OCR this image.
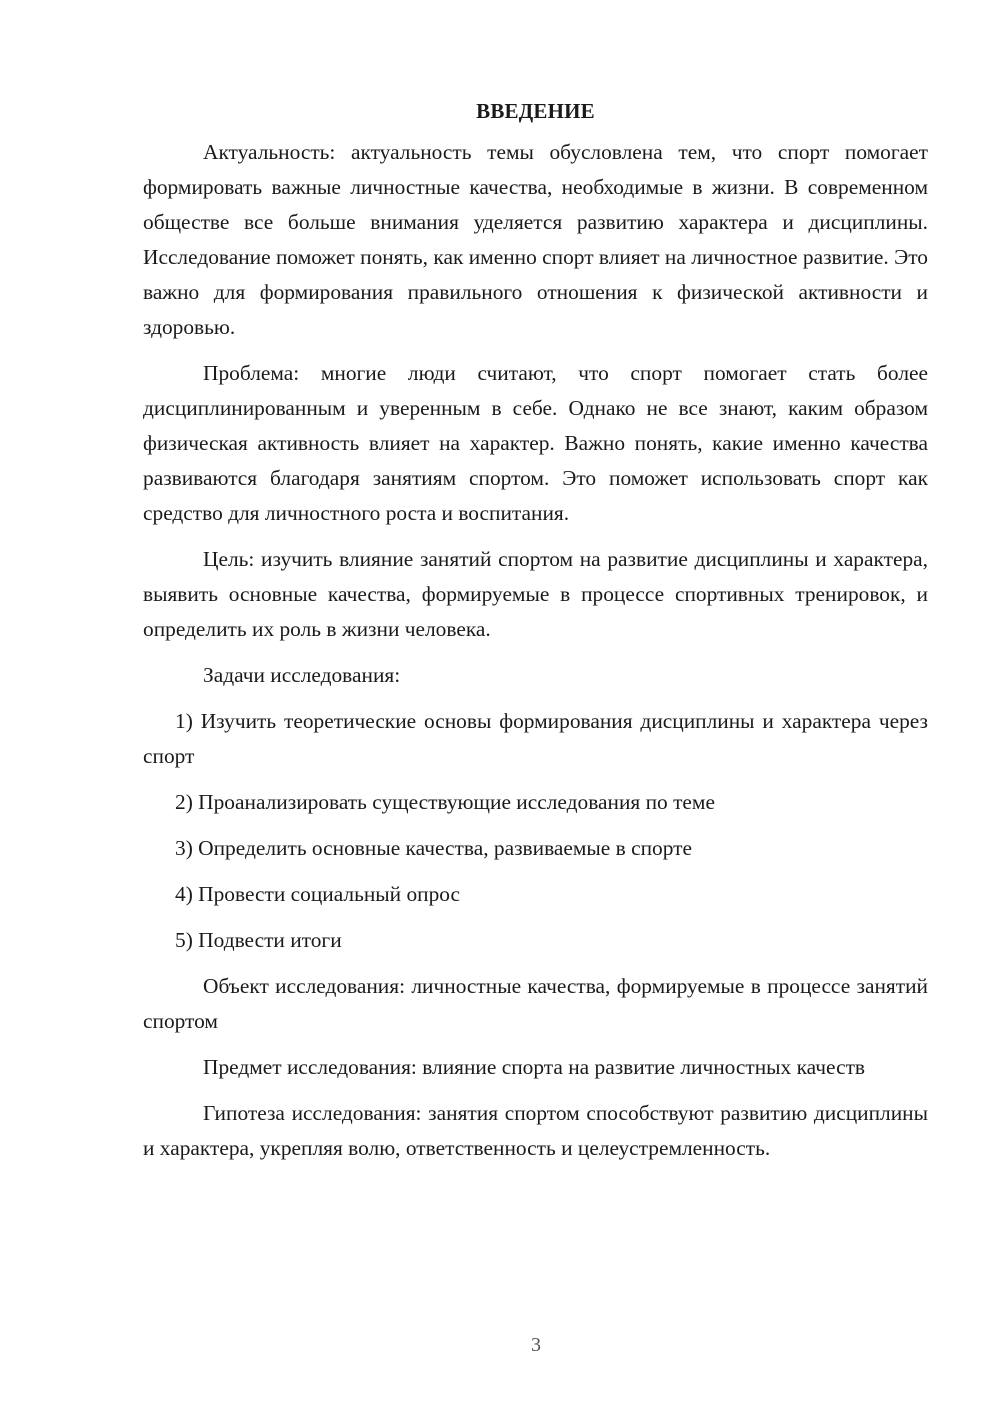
ВВЕДЕНИЕ

Актуальность: актуальность темы обусловлена тем, что спорт помогает формировать важные личностные качества, необходимые в жизни. В современном обществе все больше внимания уделяется развитию характера и дисциплины. Исследование поможет понять, как именно спорт влияет на личностное развитие. Это важно для формирования правильного отношения к физической активности и здоровью.

Проблема: многие люди считают, что спорт помогает стать более дисциплинированным и уверенным в себе. Однако не все знают, каким образом физическая активность влияет на характер. Важно понять, какие именно качества развиваются благодаря занятиям спортом. Это поможет использовать спорт как средство для личностного роста и воспитания.

Цель: изучить влияние занятий спортом на развитие дисциплины и характера, выявить основные качества, формируемые в процессе спортивных тренировок, и определить их роль в жизни человека.

Задачи исследования:

1) Изучить теоретические основы формирования дисциплины и характера через спорт

2) Проанализировать существующие исследования по теме

3) Определить основные качества, развиваемые в спорте

4) Провести социальный опрос

5) Подвести итоги

Объект исследования: личностные качества, формируемые в процессе занятий спортом

Предмет исследования: влияние спорта на развитие личностных качеств

Гипотеза исследования: занятия спортом способствуют развитию дисциплины и характера, укрепляя волю, ответственность и целеустремленность.

3
